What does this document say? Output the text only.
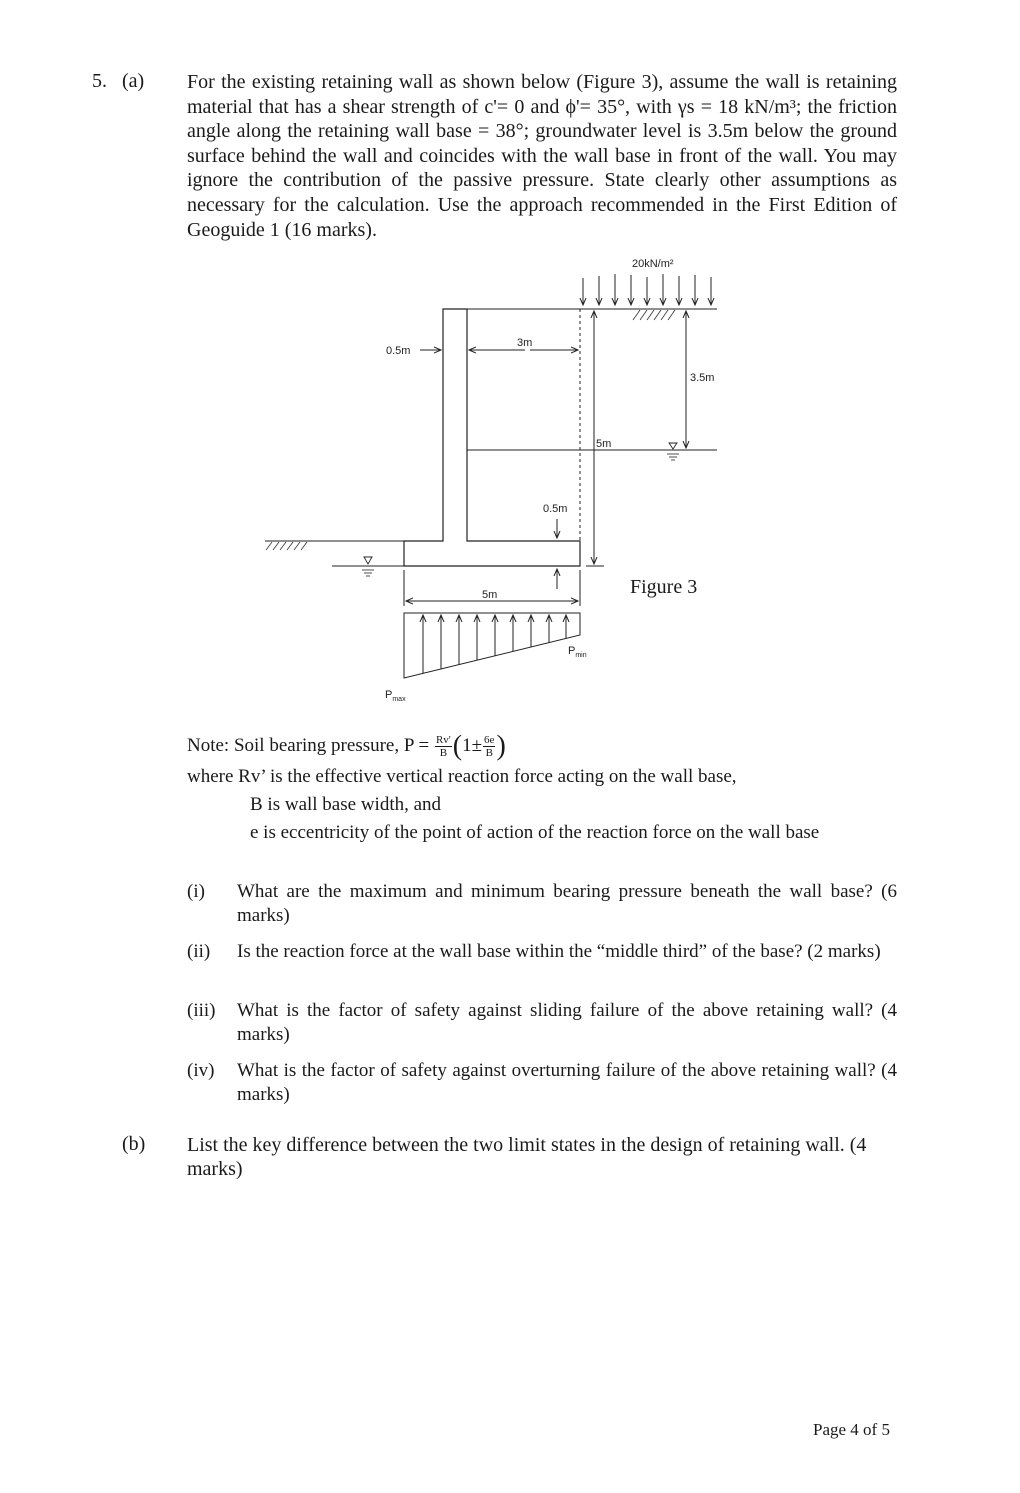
5. (a) For the existing retaining wall as shown below (Figure 3), assume the wall is retaining material that has a shear strength of c'= 0 and ϕ'= 35°, with γs = 18 kN/m³; the friction angle along the retaining wall base = 38°; groundwater level is 3.5m below the ground surface behind the wall and coincides with the wall base in front of the wall. You may ignore the contribution of the passive pressure. State clearly other assumptions as necessary for the calculation. Use the approach recommended in the First Edition of Geoguide 1 (16 marks).
20kN/m²
0.5m
3m
5m
3.5m
0.5m
5m
$P_{min}$
$P_{max}$
Figure 3
Note: Soil bearing pressure, $P = \frac{Rv'}{B} (1\pm \frac{6e}{B}$ )
where Rv’ is the effective vertical reaction force acting on the wall base,
B is wall base width, and
e is eccentricity of the point of action of the reaction force on the wall base
(i) What are the maximum and minimum bearing pressure beneath the wall base? (6 marks)
(ii) Is the reaction force at the wall base within the “middle third” of the base? (2 marks)
(iii) What is the factor of safety against sliding failure of the above retaining wall? (4 marks)
(iv) What is the factor of safety against overturning failure of the above retaining wall? (4 marks)
(b) List the key difference between the two limit states in the design of retaining wall. (4 marks)
Page 4 of 5
